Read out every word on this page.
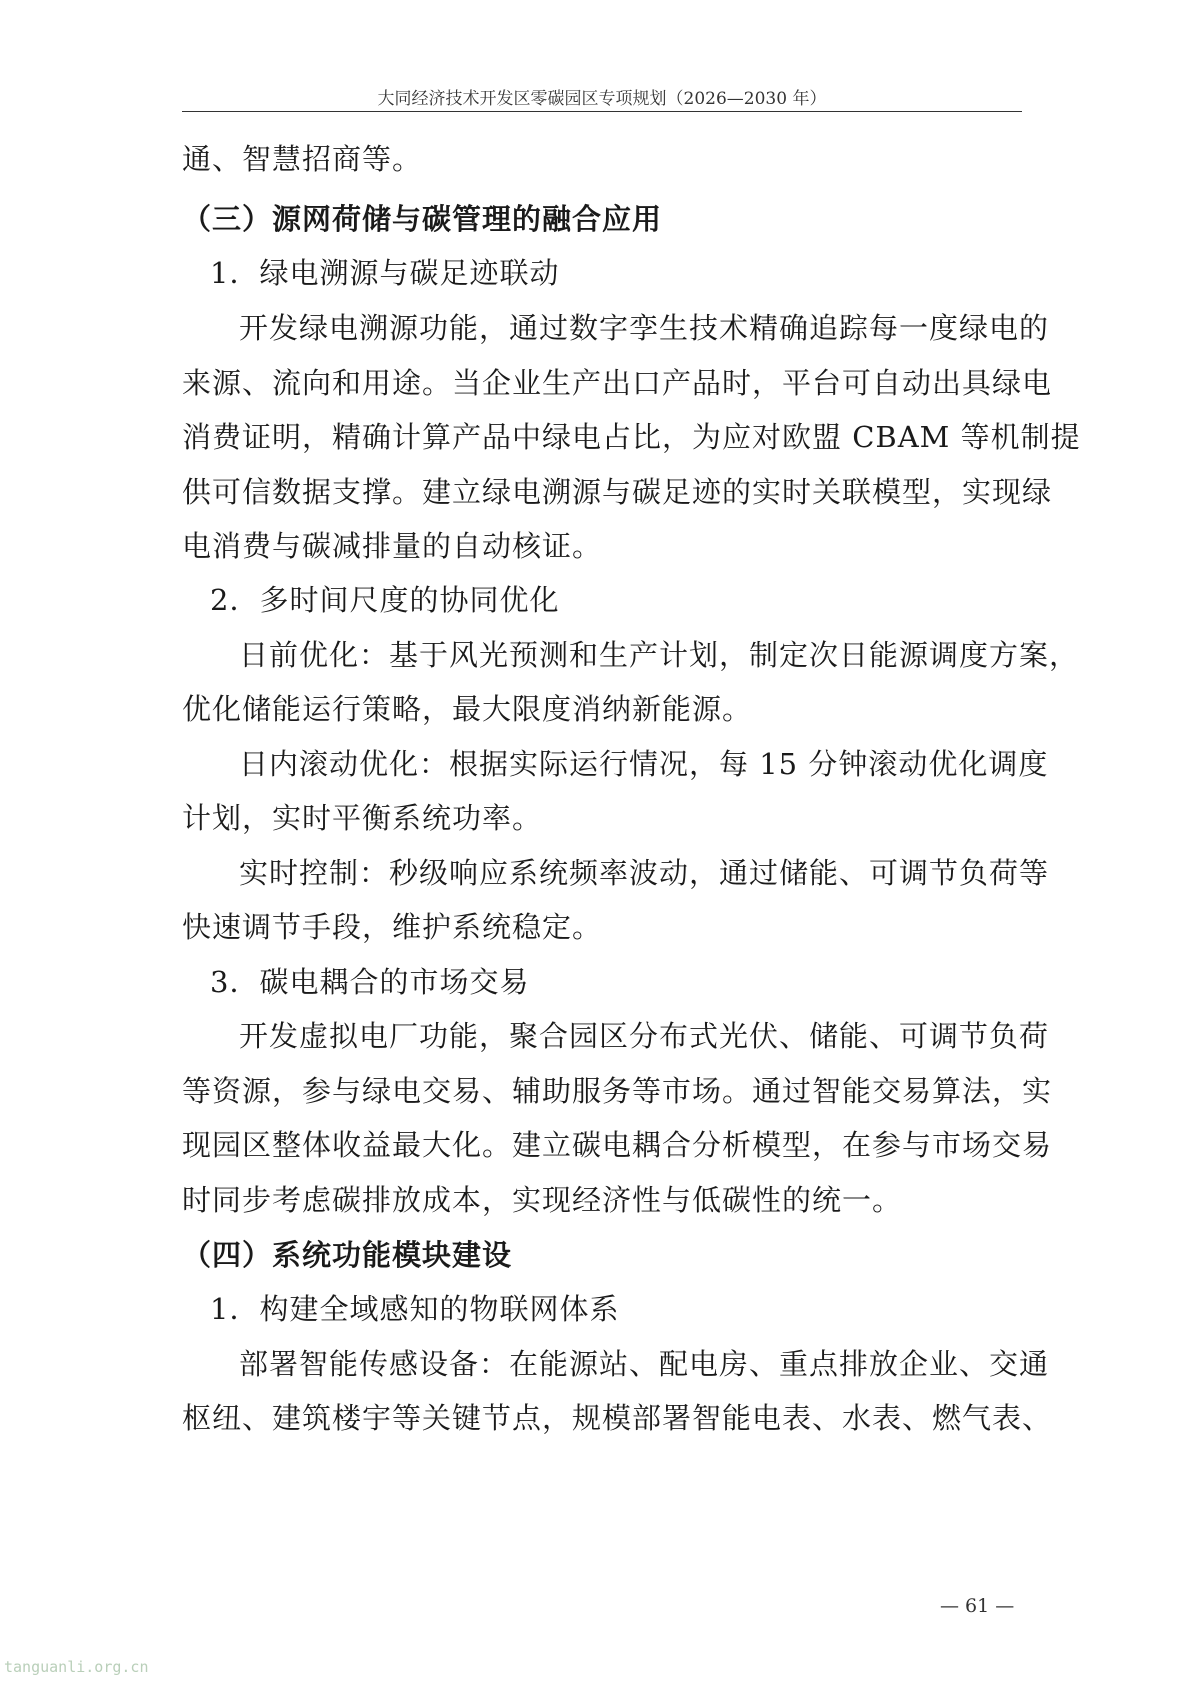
大同经济技术开发区零碳园区专项规划（2026—2030 年）
通、智慧招商等。
（三）源网荷储与碳管理的融合应用
1．绿电溯源与碳足迹联动
开发绿电溯源功能，通过数字孪生技术精确追踪每一度绿电的
来源、流向和用途。当企业生产出口产品时，平台可自动出具绿电
消费证明，精确计算产品中绿电占比，为应对欧盟 CBAM 等机制提
供可信数据支撑。建立绿电溯源与碳足迹的实时关联模型，实现绿
电消费与碳减排量的自动核证。
2．多时间尺度的协同优化
日前优化：基于风光预测和生产计划，制定次日能源调度方案，
优化储能运行策略，最大限度消纳新能源。
日内滚动优化：根据实际运行情况，每 15 分钟滚动优化调度
计划，实时平衡系统功率。
实时控制：秒级响应系统频率波动，通过储能、可调节负荷等
快速调节手段，维护系统稳定。
3．碳电耦合的市场交易
开发虚拟电厂功能，聚合园区分布式光伏、储能、可调节负荷
等资源，参与绿电交易、辅助服务等市场。通过智能交易算法，实
现园区整体收益最大化。建立碳电耦合分析模型，在参与市场交易
时同步考虑碳排放成本，实现经济性与低碳性的统一。
（四）系统功能模块建设
1．构建全域感知的物联网体系
部署智能传感设备：在能源站、配电房、重点排放企业、交通
枢纽、建筑楼宇等关键节点，规模部署智能电表、水表、燃气表、
— 61 —
tanguanli.org.cn
